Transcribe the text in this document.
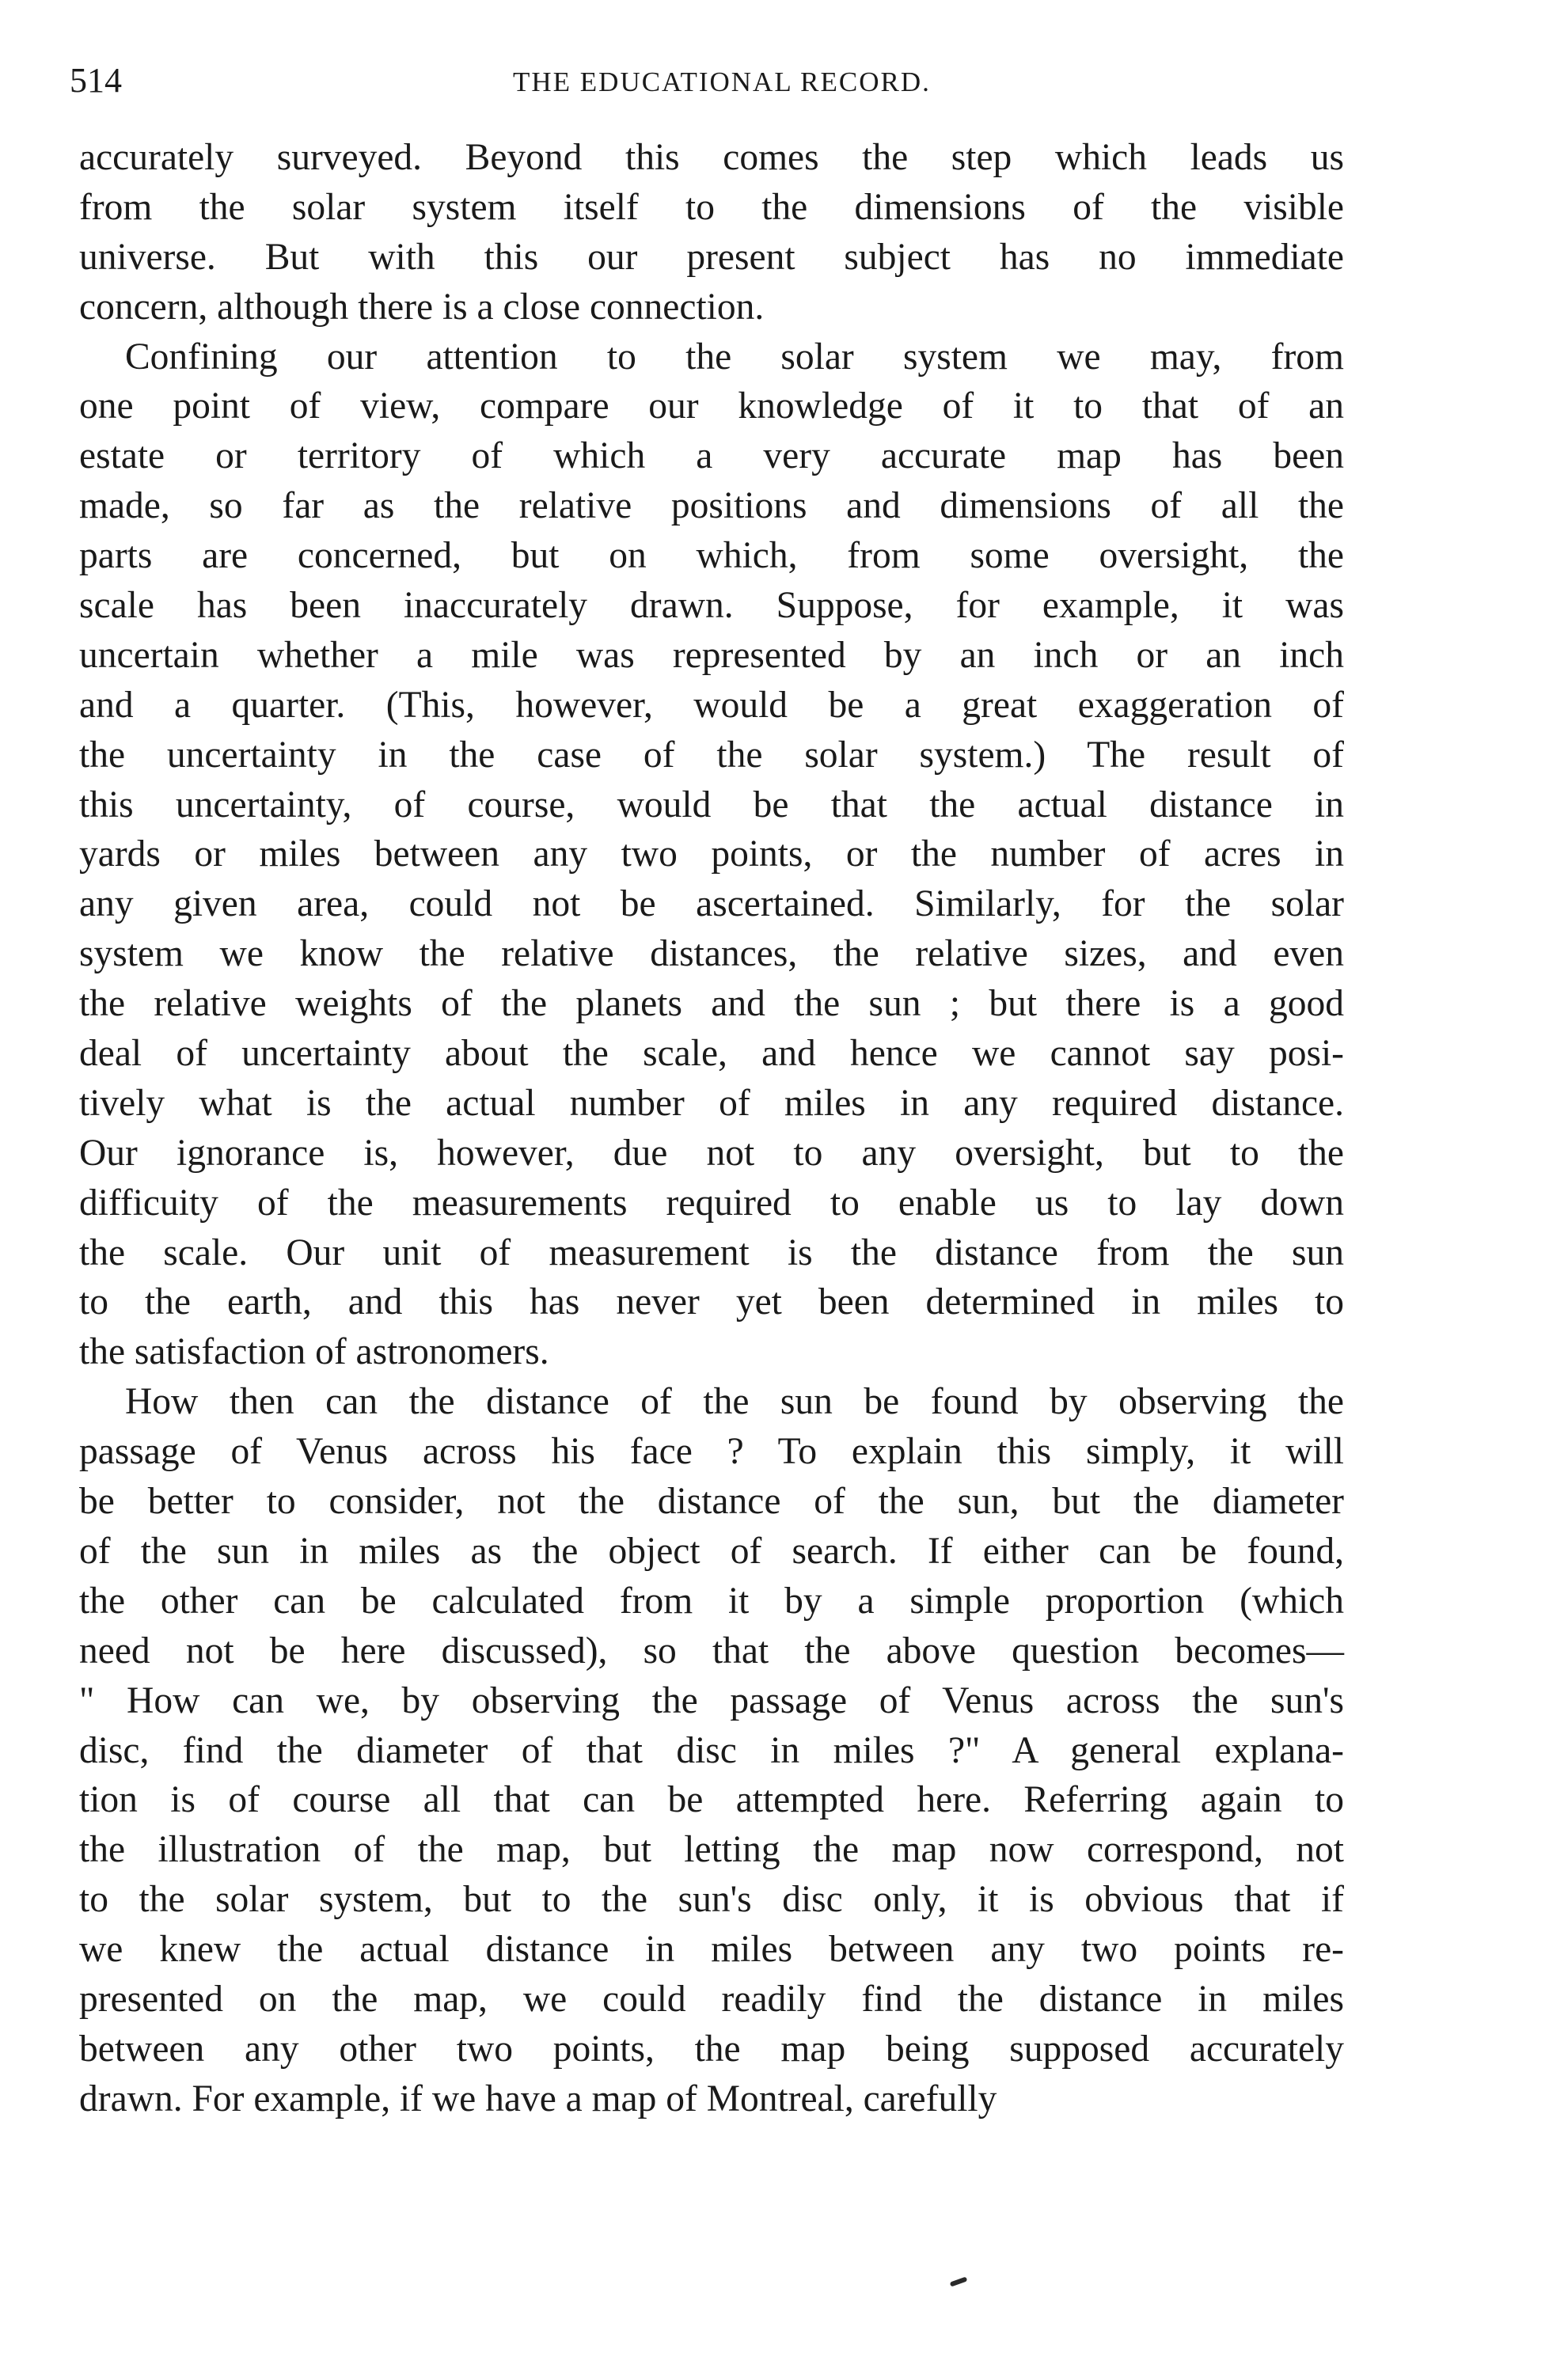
514	THE EDUCATIONAL RECORD.

accurately surveyed. Beyond this comes the step which leads us
from the solar system itself to the dimensions of the visible
universe. But with this our present subject has no immediate
concern, although there is a close connection.

Confining our attention to the solar system we may, from
one point of view, compare our knowledge of it to that of an
estate or territory of which a very accurate map has been
made, so far as the relative positions and dimensions of all the
parts are concerned, but on which, from some oversight, the
scale has been inaccurately drawn. Suppose, for example, it was
uncertain whether a mile was represented by an inch or an inch
and a quarter. (This, however, would be a great exaggeration of
the uncertainty in the case of the solar system.) The result of
this uncertainty, of course, would be that the actual distance in
yards or miles between any two points, or the number of acres in
any given area, could not be ascertained. Similarly, for the solar
system we know the relative distances, the relative sizes, and even
the relative weights of the planets and the sun ; but there is a good
deal of uncertainty about the scale, and hence we cannot say posi-
tively what is the actual number of miles in any required distance.
Our ignorance is, however, due not to any oversight, but to the
difficuity of the measurements required to enable us to lay down
the scale. Our unit of measurement is the distance from the sun
to the earth, and this has never yet been determined in miles to
the satisfaction of astronomers.

How then can the distance of the sun be found by observing the
passage of Venus across his face ? To explain this simply, it will
be better to consider, not the distance of the sun, but the diameter
of the sun in miles as the object of search. If either can be found,
the other can be calculated from it by a simple proportion (which
need not be here discussed), so that the above question becomes—
" How can we, by observing the passage of Venus across the sun's
disc, find the diameter of that disc in miles ?" A general explana-
tion is of course all that can be attempted here. Referring again to
the illustration of the map, but letting the map now correspond, not
to the solar system, but to the sun's disc only, it is obvious that if
we knew the actual distance in miles between any two points re-
presented on the map, we could readily find the distance in miles
between any other two points, the map being supposed accurately
drawn. For example, if we have a map of Montreal, carefully
